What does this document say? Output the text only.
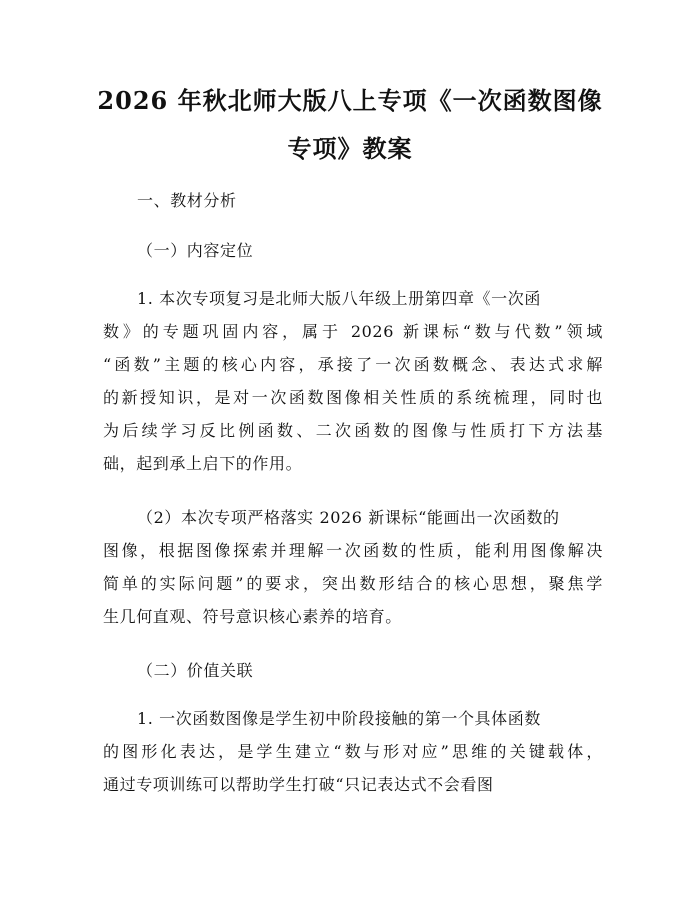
2026 年秋北师大版八上专项《一次函数图像
专项》教案
一、教材分析
（一）内容定位
1. 本次专项复习是北师大版八年级上册第四章《一次函
数》的专题巩固内容，属于 2026 新课标“数与代数”领域
“函数”主题的核心内容，承接了一次函数概念、表达式求解
的新授知识，是对一次函数图像相关性质的系统梳理，同时也
为后续学习反比例函数、二次函数的图像与性质打下方法基
础，起到承上启下的作用。
（2）本次专项严格落实 2026 新课标“能画出一次函数的
图像，根据图像探索并理解一次函数的性质，能利用图像解决
简单的实际问题”的要求，突出数形结合的核心思想，聚焦学
生几何直观、符号意识核心素养的培育。
（二）价值关联
1. 一次函数图像是学生初中阶段接触的第一个具体函数
的图形化表达，是学生建立“数与形对应”思维的关键载体，
通过专项训练可以帮助学生打破“只记表达式不会看图
